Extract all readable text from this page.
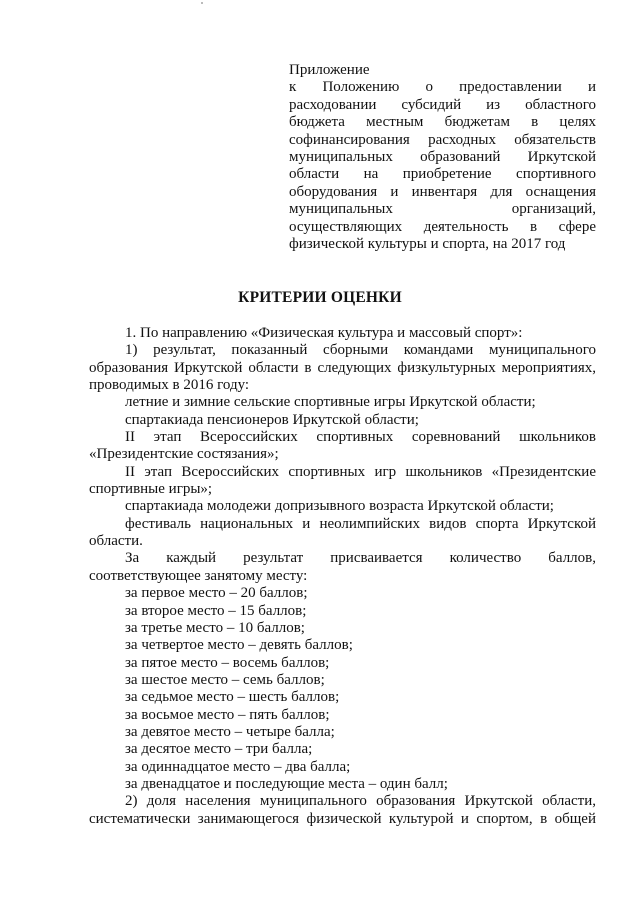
Приложение
к Положению о предоставлении и
расходовании субсидий из областного
бюджета местным бюджетам в целях
софинансирования расходных обязательств
муниципальных образований Иркутской
области на приобретение спортивного
оборудования и инвентаря для оснащения
муниципальных организаций,
осуществляющих деятельность в сфере
физической культуры и спорта, на 2017 год
КРИТЕРИИ ОЦЕНКИ
1. По направлению «Физическая культура и массовый спорт»:
1) результат, показанный сборными командами муниципального
образования Иркутской области в следующих физкультурных мероприятиях,
проводимых в 2016 году:
летние и зимние сельские спортивные игры Иркутской области;
спартакиада пенсионеров Иркутской области;
II этап Всероссийских спортивных соревнований школьников
«Президентские состязания»;
II этап Всероссийских спортивных игр школьников «Президентские
спортивные игры»;
спартакиада молодежи допризывного возраста Иркутской области;
фестиваль национальных и неолимпийских видов спорта Иркутской
области.
За каждый результат присваивается количество баллов,
соответствующее занятому месту:
за первое место – 20 баллов;
за второе место – 15 баллов;
за третье место – 10 баллов;
за четвертое место – девять баллов;
за пятое место – восемь баллов;
за шестое место – семь баллов;
за седьмое место – шесть баллов;
за восьмое место – пять баллов;
за девятое место – четыре балла;
за десятое место – три балла;
за одиннадцатое место – два балла;
за двенадцатое и последующие места – один балл;
2) доля населения муниципального образования Иркутской области,
систематически занимающегося физической культурой и спортом, в общей
